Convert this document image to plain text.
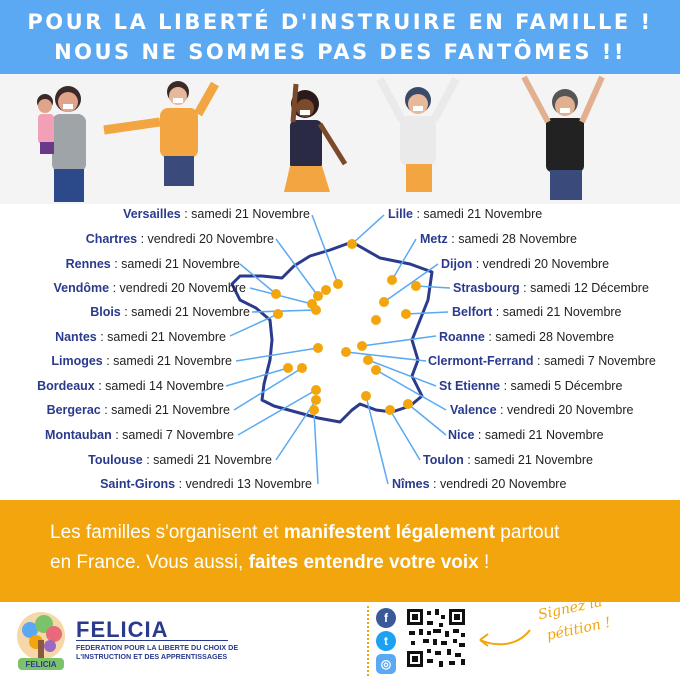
POUR LA LIBERTÉ D'INSTRUIRE EN FAMILLE !
NOUS NE SOMMES PAS DES FANTÔMES !!
Versailles : samedi 21 Novembre
Chartres : vendredi 20 Novembre
Rennes : samedi 21 Novembre
Vendôme : vendredi 20 Novembre
Blois : samedi 21 Novembre
Nantes : samedi 21 Novembre
Limoges : samedi 21 Novembre
Bordeaux : samedi 14 Novembre
Bergerac : samedi 21 Novembre
Montauban : samedi 7 Novembre
Toulouse : samedi 21 Novembre
Saint-Girons : vendredi 13 Novembre
Lille : samedi 21 Novembre
Metz : samedi 28 Novembre
Dijon : vendredi 20 Novembre
Strasbourg : samedi 12 Décembre
Belfort : samedi 21 Novembre
Roanne : samedi 28 Novembre
Clermont-Ferrand : samedi 7 Novembre
St Etienne : samedi 5 Décembre
Valence : vendredi 20 Novembre
Nice : samedi 21 Novembre
Toulon : samedi 21 Novembre
Nîmes : vendredi 20 Novembre
Les familles s'organisent et manifestent légalement partout
en France. Vous aussi, faites entendre votre voix !
FELICIA
FELICIA
FEDERATION POUR LA LIBERTE DU CHOIX DE
L'INSTRUCTION ET DES APPRENTISSAGES
f
t
◎
Signez la
pétition !
